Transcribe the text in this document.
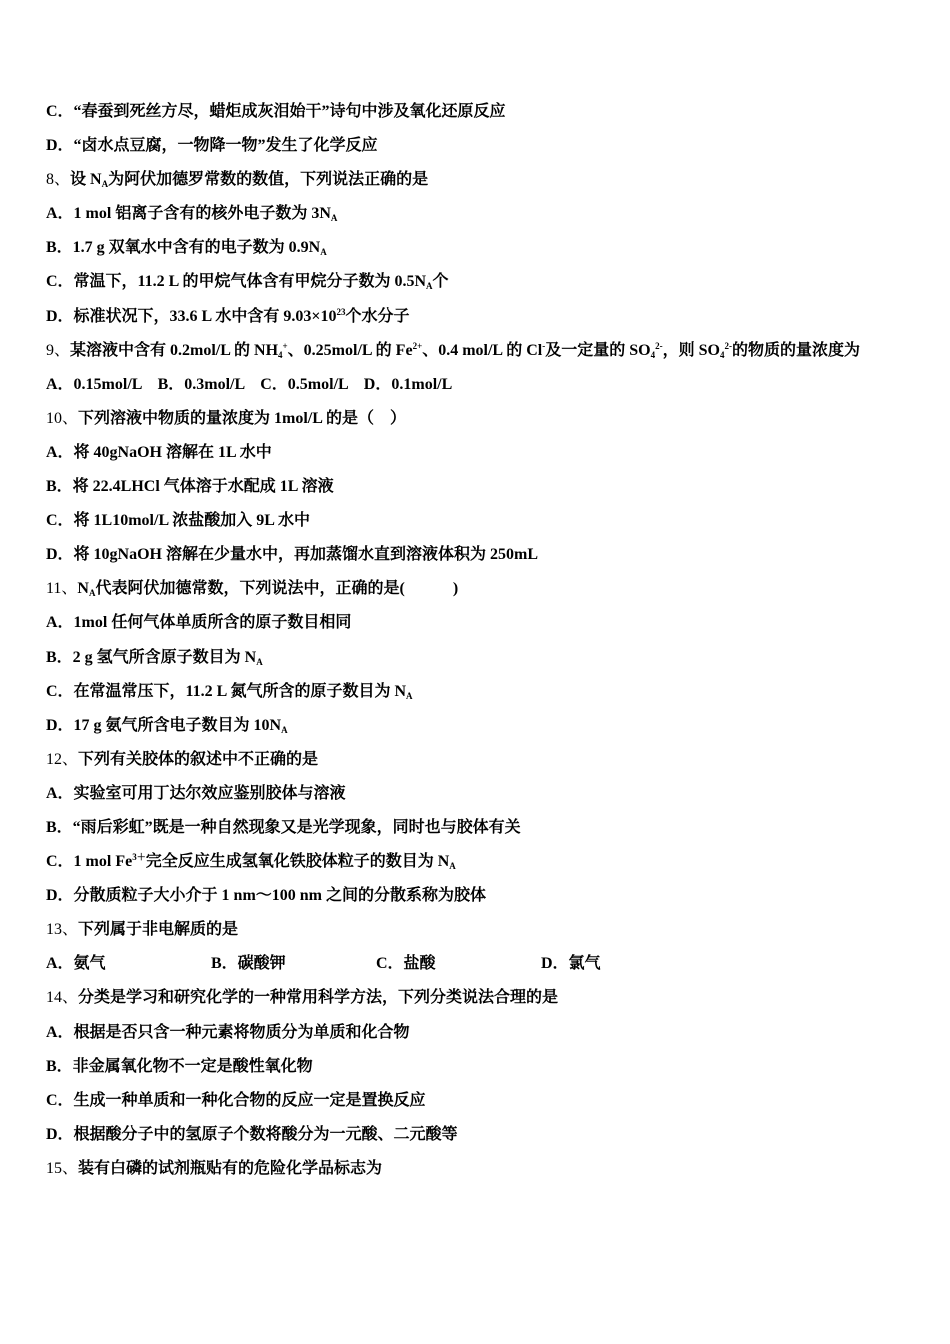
C．“春蚕到死丝方尽，蜡炬成灰泪始干”诗句中涉及氧化还原反应
D．“卤水点豆腐，一物降一物”发生了化学反应
8、设 $N_A$为阿伏加德罗常数的数值，下列说法正确的是
A．1 mol 铝离子含有的核外电子数为 $3N_A$
B．1.7 g 双氧水中含有的电子数为 $0.9N_A$
C．常温下，11.2 L 的甲烷气体含有甲烷分子数为 $0.5N_A$个
D．标准状况下，33.6 L 水中含有 $9.03\times 10^{23}$个水分子
9、某溶液中含有 0.2mol/L 的 $NH_4^+$、0.25mol/L 的 $Fe^{2+}$、0.4 mol/L 的 Cl-及一定量的 $SO_4^{2-}$，则 $SO_4^{2-}$的物质的量浓度为
A．0.15mol/L　B．0.3mol/L　C．0.5mol/L　D．0.1mol/L
10、下列溶液中物质的量浓度为 1mol/L 的是（　）
A．将 40gNaOH 溶解在 1L 水中
B．将 22.4LHCl 气体溶于水配成 1L 溶液
C．将 1L10mol/L 浓盐酸加入 9L 水中
D．将 10gNaOH 溶解在少量水中，再加蒸馏水直到溶液体积为 250mL
11、$N_A$代表阿伏加德常数，下列说法中，正确的是(　　　)
A．1mol 任何气体单质所含的原子数目相同
B．2 g 氢气所含原子数目为 $N_A$
C．在常温常压下，11.2 L 氮气所含的原子数目为 $N_A$
D．17 g 氨气所含电子数目为 $10N_A$
12、下列有关胶体的叙述中不正确的是
A．实验室可用丁达尔效应鉴别胶体与溶液
B．“雨后彩虹”既是一种自然现象又是光学现象，同时也与胶体有关
C．1 mol $Fe^{3+}$完全反应生成氢氧化铁胶体粒子的数目为 $N_A$
D．分散质粒子大小介于 1 nm～100 nm 之间的分散系称为胶体
13、下列属于非电解质的是
A．氨气	B．碳酸钾	C．盐酸	D．氯气
14、分类是学习和研究化学的一种常用科学方法，下列分类说法合理的是
A．根据是否只含一种元素将物质分为单质和化合物
B．非金属氧化物不一定是酸性氧化物
C．生成一种单质和一种化合物的反应一定是置换反应
D．根据酸分子中的氢原子个数将酸分为一元酸、二元酸等
15、装有白磷的试剂瓶贴有的危险化学品标志为
